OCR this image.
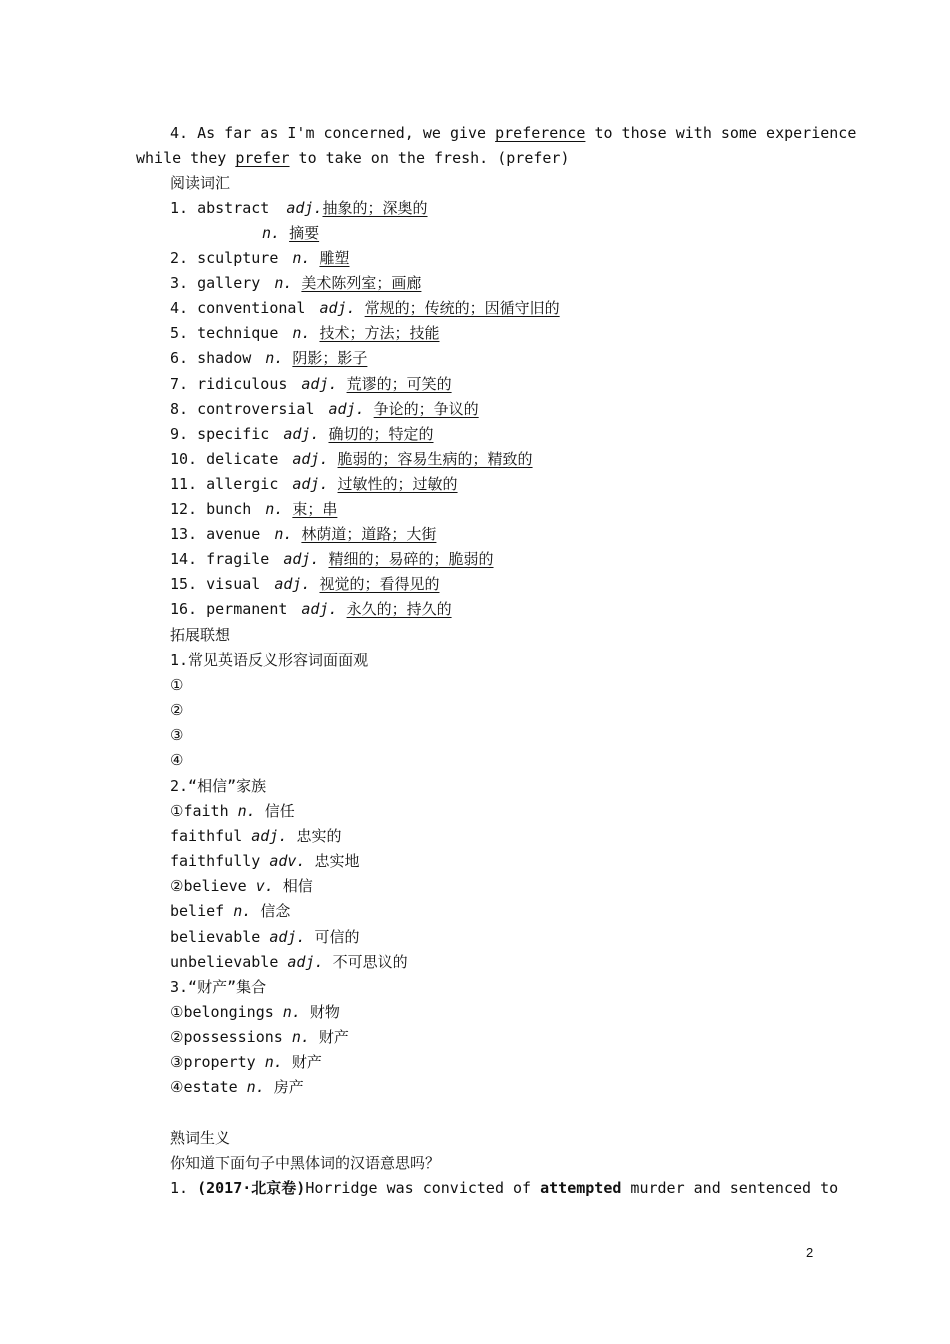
4. As far as I'm concerned, we give preference to those with some experience
while they prefer to take on the fresh. (prefer)
阅读词汇
1. abstract adj.抽象的；深奥的
n. 摘要
2. sculpture n. 雕塑
3. gallery n. 美术陈列室；画廊
4. conventional adj. 常规的；传统的；因循守旧的
5. technique n. 技术；方法；技能
6. shadow n. 阴影；影子
7. ridiculous adj. 荒谬的；可笑的
8. controversial adj. 争论的；争议的
9. specific adj. 确切的；特定的
10. delicate adj. 脆弱的；容易生病的；精致的
11. allergic adj. 过敏性的；过敏的
12. bunch n. 束；串
13. avenue n. 林荫道；道路；大街
14. fragile adj. 精细的；易碎的；脆弱的
15. visual adj. 视觉的；看得见的
16. permanent adj. 永久的；持久的
拓展联想
1.常见英语反义形容词面面观
①
②
③
④
2.“相信”家族
①faith n. 信任
faithful adj. 忠实的
faithfully adv. 忠实地
②believe v. 相信
belief n. 信念
believable adj. 可信的
unbelievable adj. 不可思议的
3.“财产”集合
①belongings n. 财物
②possessions n. 财产
③property n. 财产
④estate n. 房产
熟词生义
你知道下面句子中黑体词的汉语意思吗？
1. (2017·北京卷)Horridge was convicted of attempted murder and sentenced to
2
